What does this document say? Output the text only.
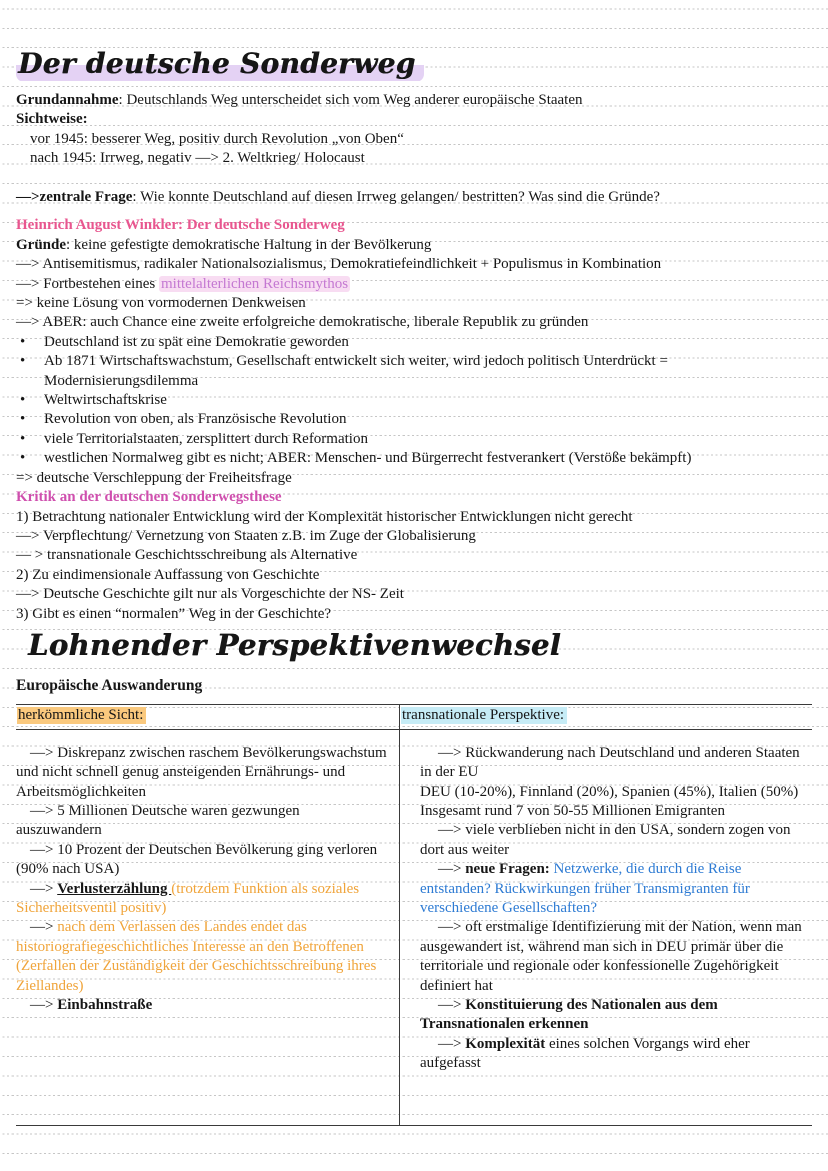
Der deutsche Sonderweg
Grundannahme: Deutschlands Weg unterscheidet sich vom Weg anderer europäische Staaten
Sichtweise:
vor 1945: besserer Weg, positiv durch Revolution „von Oben“
nach 1945: Irrweg, negativ —> 2. Weltkrieg/ Holocaust
—>zentrale Frage: Wie konnte Deutschland auf diesen Irrweg gelangen/ bestritten? Was sind die Gründe?
Heinrich August Winkler: Der deutsche Sonderweg
Gründe: keine gefestigte demokratische Haltung in der Bevölkerung
—> Antisemitismus, radikaler Nationalsozialismus, Demokratiefeindlichkeit + Populismus in Kombination
—> Fortbestehen eines mittelalterlichen Reichsmythos
=> keine Lösung von vormodernen Denkweisen
—> ABER: auch Chance eine zweite erfolgreiche demokratische, liberale Republik zu gründen
• Deutschland ist zu spät eine Demokratie geworden
• Ab 1871 Wirtschaftswachstum, Gesellschaft entwickelt sich weiter, wird jedoch politisch Unterdrückt = Modernisierungsdilemma
• Weltwirtschaftskrise
• Revolution von oben, als Französische Revolution
• viele Territorialstaaten, zersplittert durch Reformation
• westlichen Normalweg gibt es nicht; ABER: Menschen- und Bürgerrecht festverankert (Verstöße bekämpft)
=> deutsche Verschleppung der Freiheitsfrage
Kritik an der deutschen Sonderwegsthese
1) Betrachtung nationaler Entwicklung wird der Komplexität historischer Entwicklungen nicht gerecht
—> Verpflechtung/ Vernetzung von Staaten z.B. im Zuge der Globalisierung
— > transnationale Geschichtsschreibung als Alternative
2) Zu eindimensionale Auffassung von Geschichte
—> Deutsche Geschichte gilt nur als Vorgeschichte der NS- Zeit
3) Gibt es einen “normalen” Weg in der Geschichte?
Lohnender Perspektivenwechsel
Europäische Auswanderung
herkömmliche Sicht:	transnationale Perspektive:
—> Diskrepanz zwischen raschem Bevölkerungswachstum und nicht schnell genug ansteigenden Ernährungs- und Arbeitsmöglichkeiten
—> 5 Millionen Deutsche waren gezwungen auszuwandern
—> 10 Prozent der Deutschen Bevölkerung ging verloren (90% nach USA)
—> Verlusterzählung (trotzdem Funktion als soziales Sicherheitsventil positiv)
—> nach dem Verlassen des Landes endet das historiografiegeschichtliches Interesse an den Betroffenen (Zerfallen der Zuständigkeit der Geschichtsschreibung ihres Ziellandes)
—> Einbahnstraße
—> Rückwanderung nach Deutschland und anderen Staaten in der EU
DEU (10-20%), Finnland (20%), Spanien (45%), Italien (50%) Insgesamt rund 7 von 50-55 Millionen Emigranten
—> viele verblieben nicht in den USA, sondern zogen von dort aus weiter
—> neue Fragen: Netzwerke, die durch die Reise entstanden? Rückwirkungen früher Transmigranten für verschiedene Gesellschaften?
—> oft erstmalige Identifizierung mit der Nation, wenn man ausgewandert ist, während man sich in DEU primär über die territoriale und regionale oder konfessionelle Zugehörigkeit definiert hat
—> Konstituierung des Nationalen aus dem Transnationalen erkennen
—> Komplexität eines solchen Vorgangs wird eher aufgefasst
